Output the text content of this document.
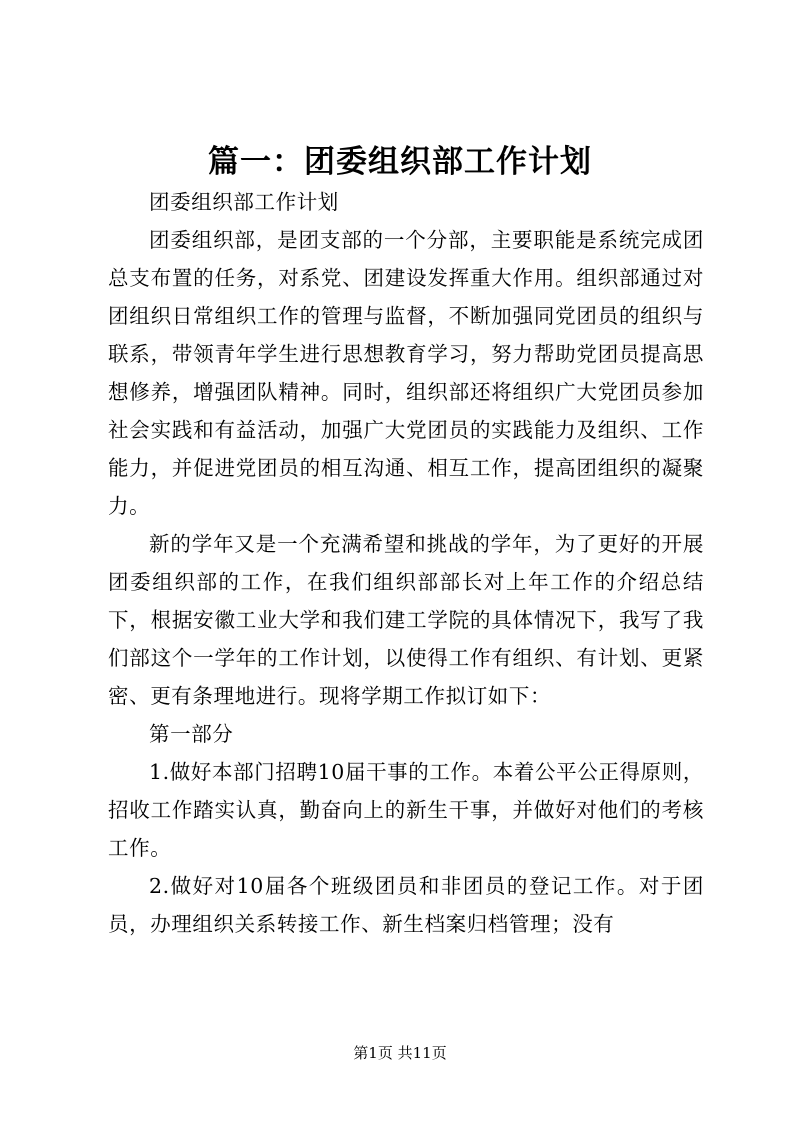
篇一：团委组织部工作计划

团委组织部工作计划

团委组织部，是团支部的一个分部，主要职能是系统完成团总支布置的任务，对系党、团建设发挥重大作用。组织部通过对团组织日常组织工作的管理与监督，不断加强同党团员的组织与联系，带领青年学生进行思想教育学习，努力帮助党团员提高思想修养，增强团队精神。同时，组织部还将组织广大党团员参加社会实践和有益活动，加强广大党团员的实践能力及组织、工作能力，并促进党团员的相互沟通、相互工作，提高团组织的凝聚力。

新的学年又是一个充满希望和挑战的学年，为了更好的开展团委组织部的工作，在我们组织部部长对上年工作的介绍总结下，根据安徽工业大学和我们建工学院的具体情况下，我写了我们部这个一学年的工作计划，以使得工作有组织、有计划、更紧密、更有条理地进行。现将学期工作拟订如下：

第一部分

1.做好本部门招聘10届干事的工作。本着公平公正得原则，招收工作踏实认真，勤奋向上的新生干事，并做好对他们的考核工作。

2.做好对10届各个班级团员和非团员的登记工作。对于团员，办理组织关系转接工作、新生档案归档管理；没有

第1页 共11页
